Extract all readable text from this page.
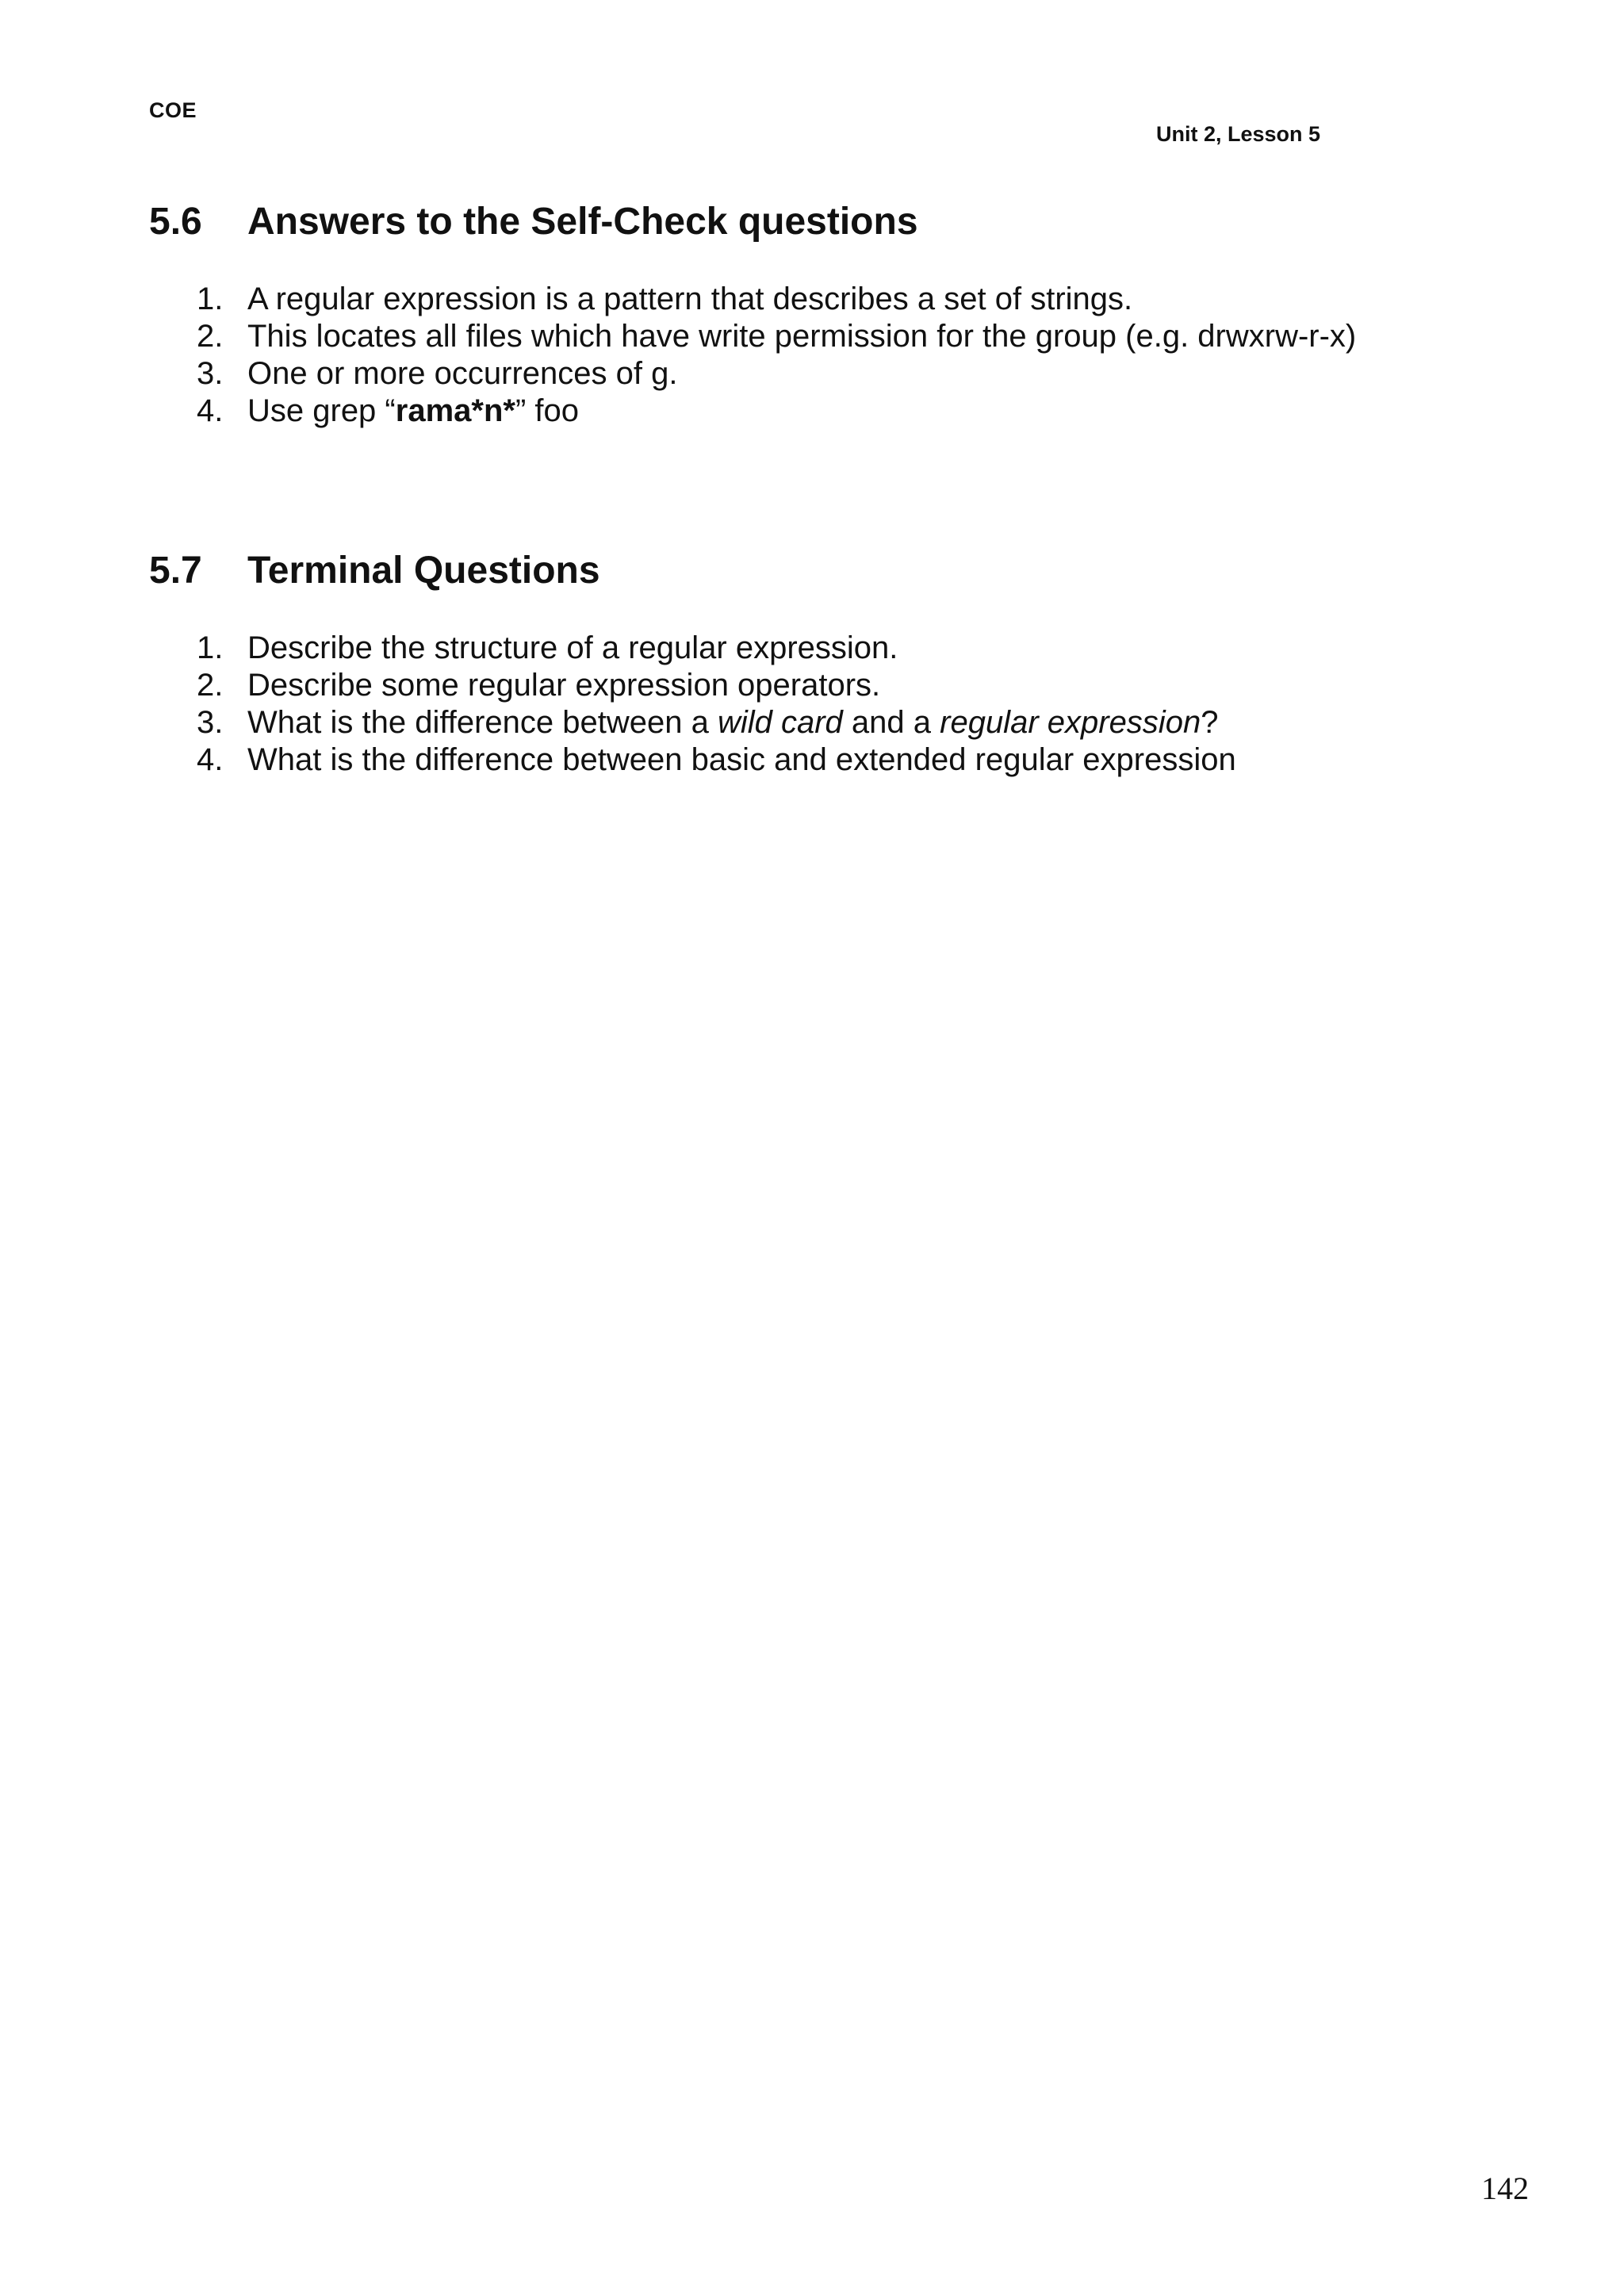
COE
Unit 2, Lesson 5
5.6 Answers to the Self-Check questions
1. A regular expression is a pattern that describes a set of strings.
2. This locates all files which have write permission for the group (e.g. drwxrw-r-x)
3. One or more occurrences of g.
4. Use grep “rama*n*” foo
5.7 Terminal Questions
1. Describe the structure of a regular expression.
2. Describe some regular expression operators.
3. What is the difference between a wild card and a regular expression?
4. What is the difference between basic and extended regular expression
142
